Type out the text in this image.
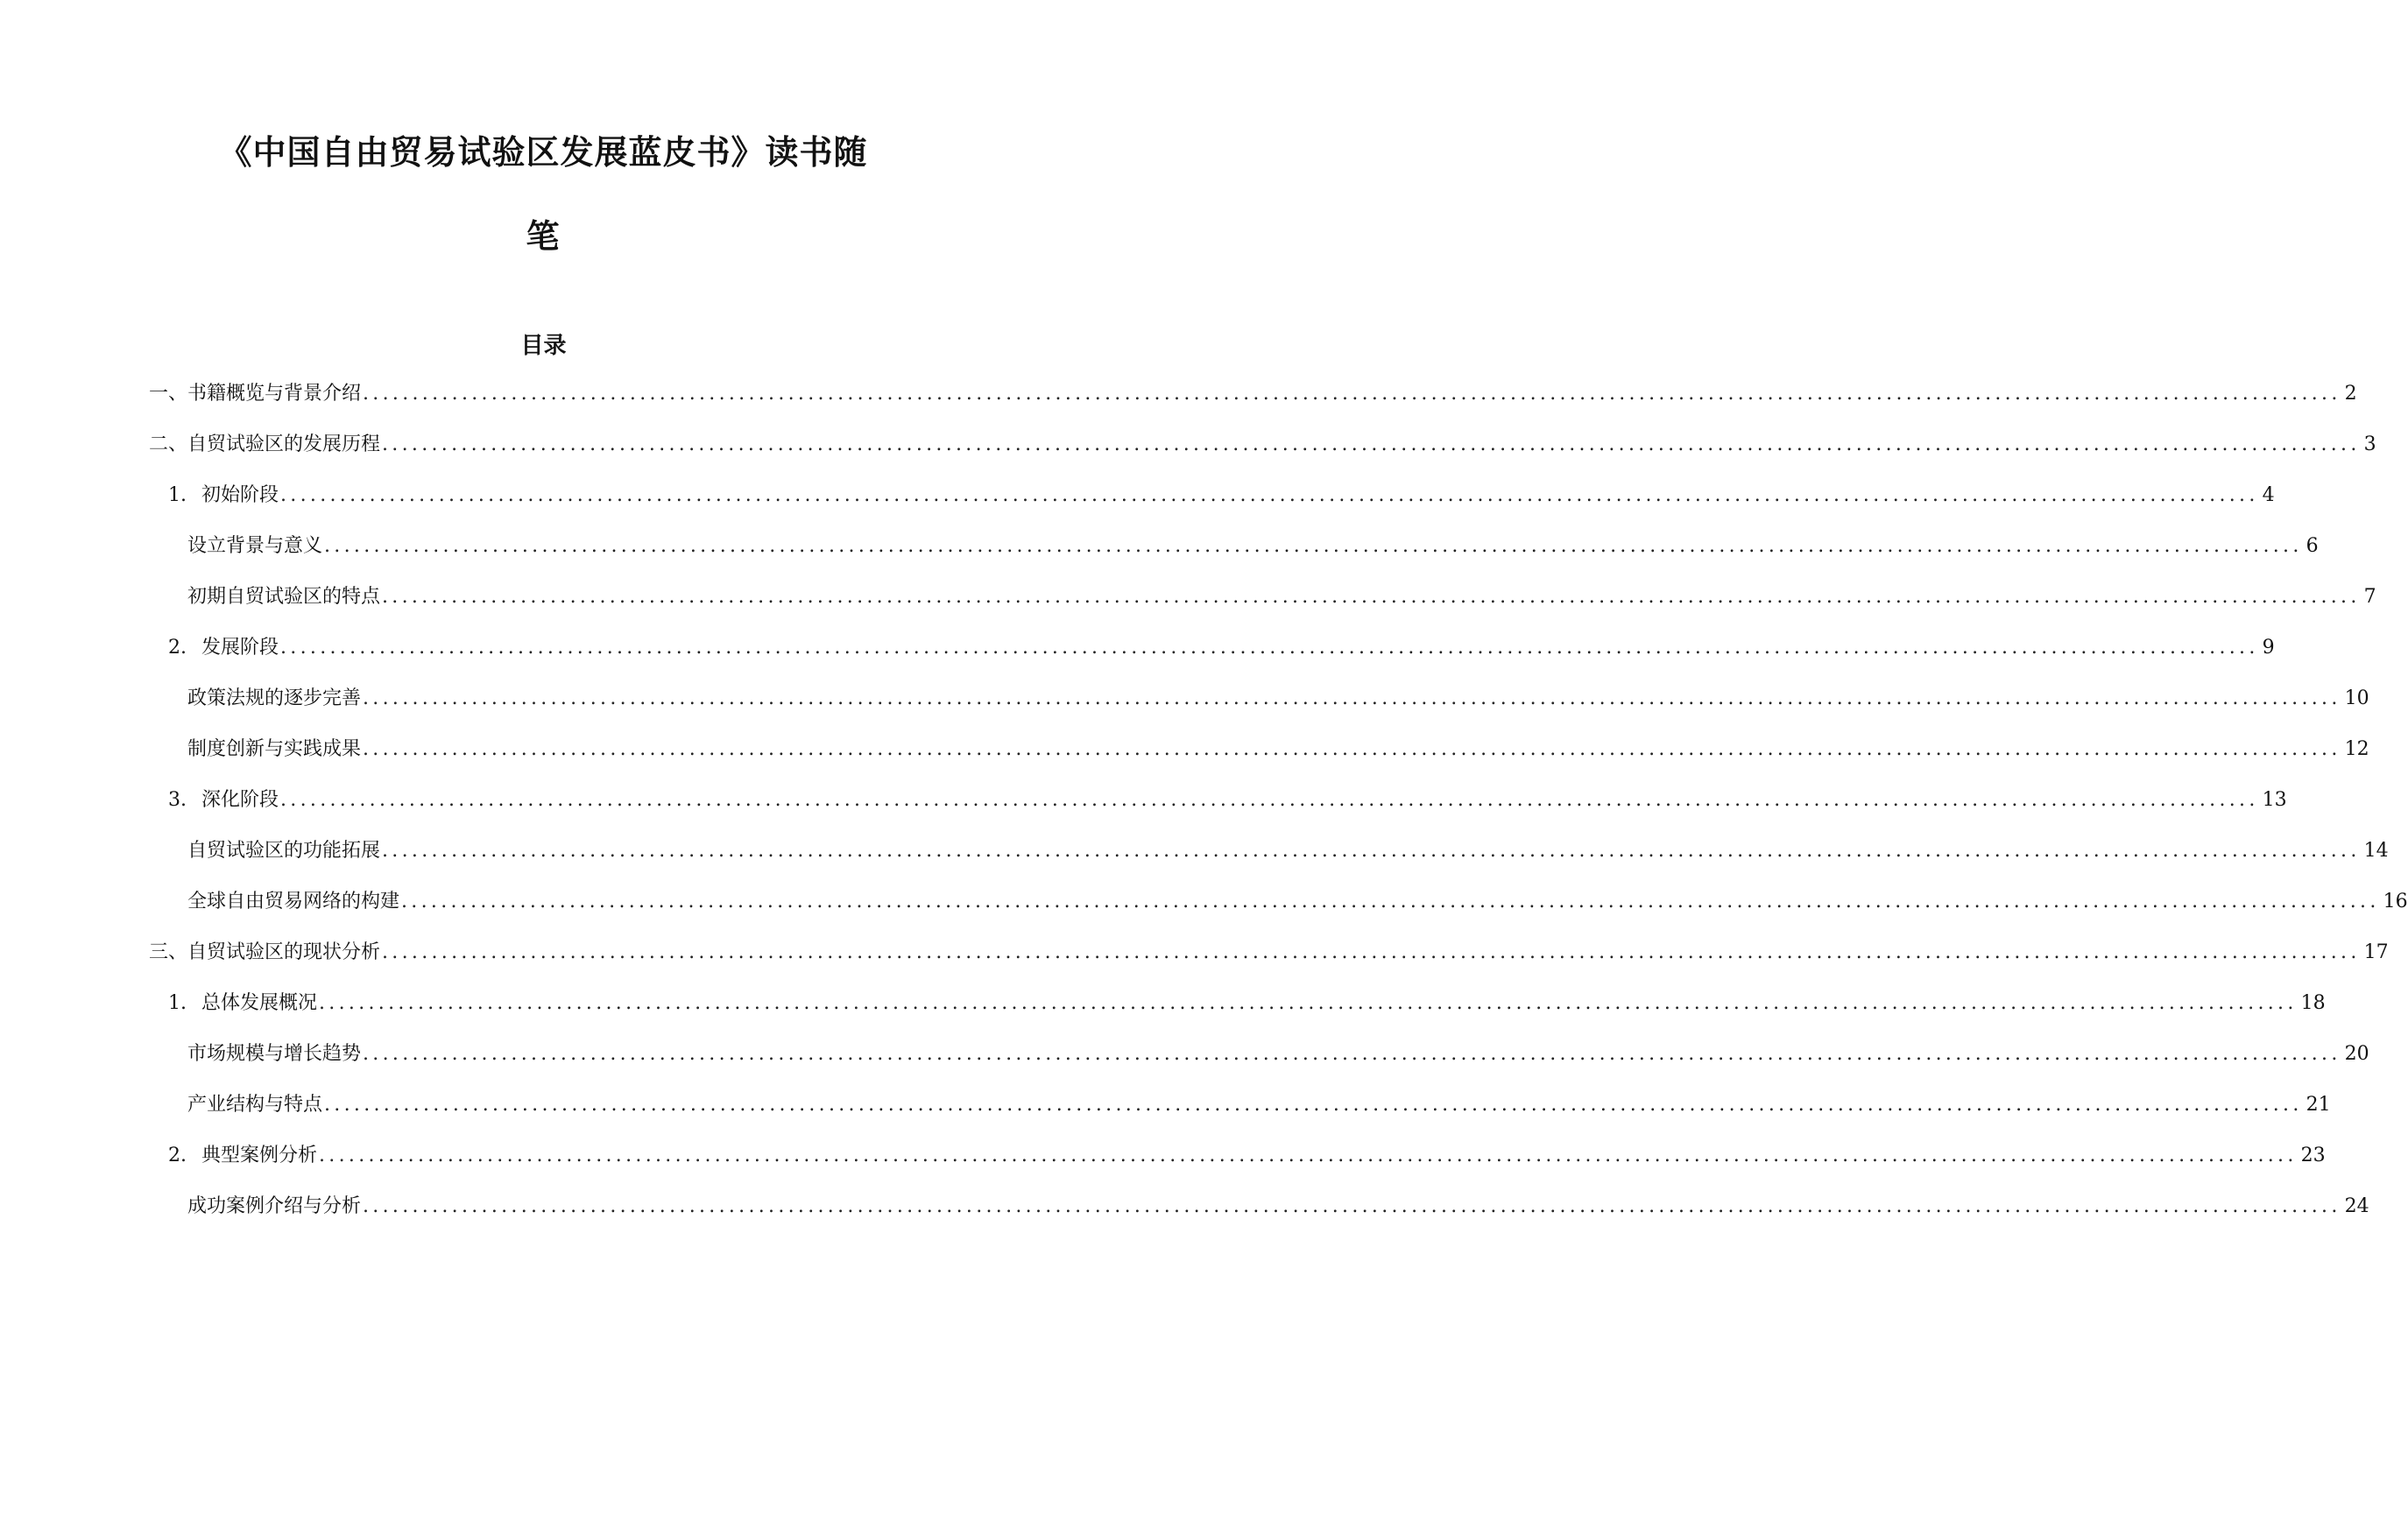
《中国自由贸易试验区发展蓝皮书》读书随
笔
目录
一、书籍概览与背景介绍 ........................................................................................................................................................................................................ 2
二、自贸试验区的发展历程 ........................................................................................................................................................................................................ 3
1. 初始阶段 ........................................................................................................................................................................................................ 4
设立背景与意义 ........................................................................................................................................................................................................ 6
初期自贸试验区的特点 ........................................................................................................................................................................................................ 7
2. 发展阶段 ........................................................................................................................................................................................................ 9
政策法规的逐步完善 ........................................................................................................................................................................................................ 10
制度创新与实践成果 ........................................................................................................................................................................................................ 12
3. 深化阶段 ........................................................................................................................................................................................................ 13
自贸试验区的功能拓展 ........................................................................................................................................................................................................ 14
全球自由贸易网络的构建 ........................................................................................................................................................................................................ 16
三、自贸试验区的现状分析 ........................................................................................................................................................................................................ 17
1. 总体发展概况 ........................................................................................................................................................................................................ 18
市场规模与增长趋势 ........................................................................................................................................................................................................ 20
产业结构与特点 ........................................................................................................................................................................................................ 21
2. 典型案例分析 ........................................................................................................................................................................................................ 23
成功案例介绍与分析 ........................................................................................................................................................................................................ 24
